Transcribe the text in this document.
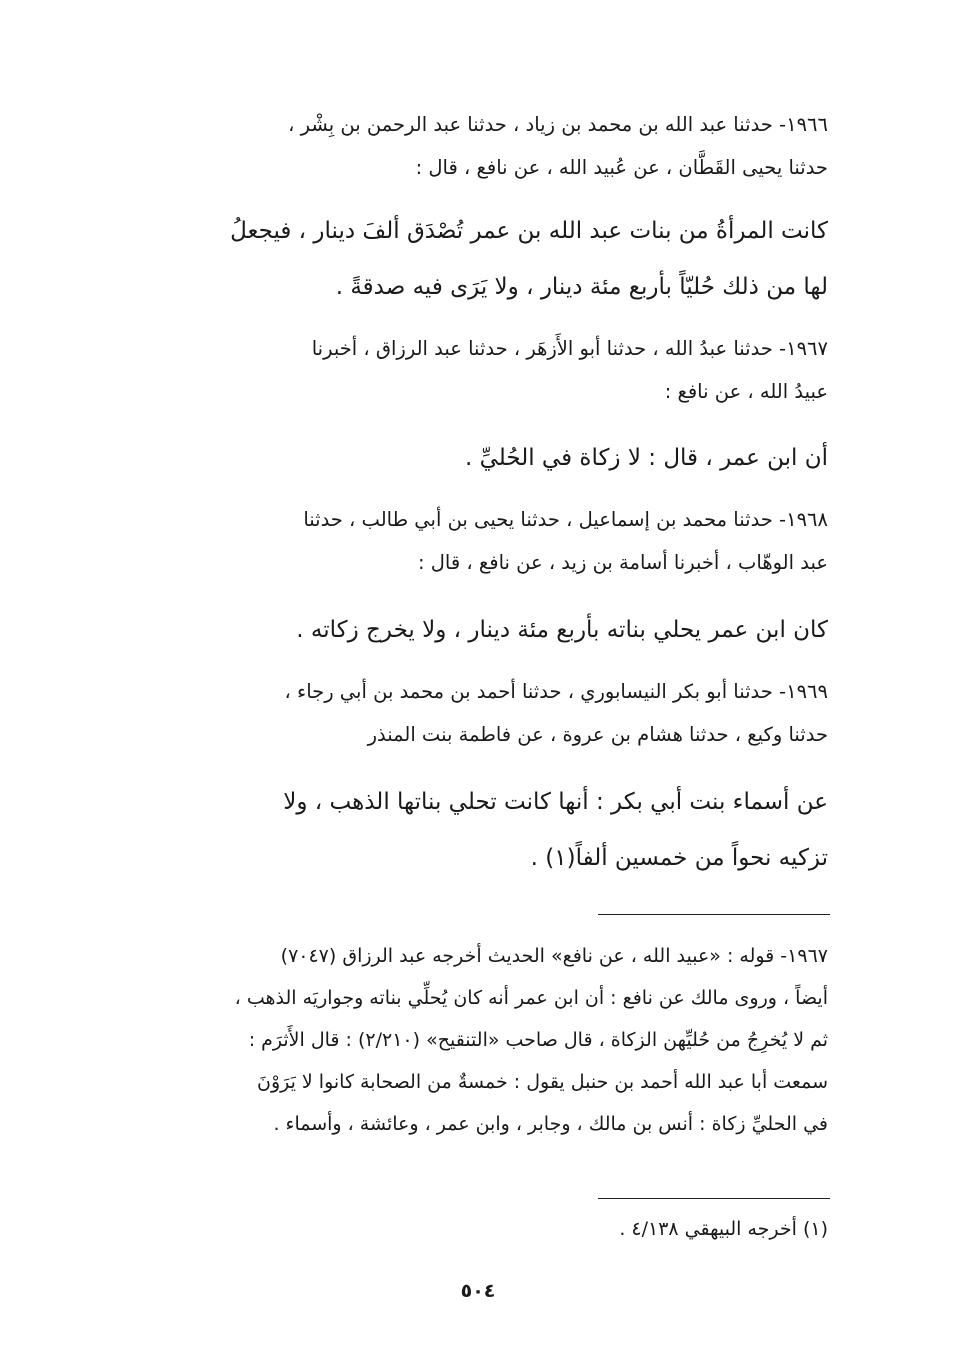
١٩٦٦- حدثنا عبد الله بن محمد بن زياد ، حدثنا عبد الرحمن بن بِشْر ،
حدثنا يحيى القَطَّان ، عن عُبيد الله ، عن نافع ، قال :
كانت المرأةُ من بنات عبد الله بن عمر تُصْدَق ألفَ دينار ، فيجعلُ
لها من ذلك حُليّاً بأربع مئة دينار ، ولا يَرَى فيه صدقةً .
١٩٦٧- حدثنا عبدُ الله ، حدثنا أبو الأَزهَر ، حدثنا عبد الرزاق ، أخبرنا
عبيدُ الله ، عن نافع :
أن ابن عمر ، قال : لا زكاة في الحُليِّ .
١٩٦٨- حدثنا محمد بن إسماعيل ، حدثنا يحيى بن أبي طالب ، حدثنا
عبد الوهّاب ، أخبرنا أسامة بن زيد ، عن نافع ، قال :
كان ابن عمر يحلي بناته بأربع مئة دينار ، ولا يخرج زكاته .
١٩٦٩- حدثنا أبو بكر النيسابوري ، حدثنا أحمد بن محمد بن أبي رجاء ،
حدثنا وكيع ، حدثنا هشام بن عروة ، عن فاطمة بنت المنذر
عن أسماء بنت أبي بكر : أنها كانت تحلي بناتها الذهب ، ولا
تزكيه نحواً من خمسين ألفاً(١) .
١٩٦٧- قوله : «عبيد الله ، عن نافع» الحديث أخرجه عبد الرزاق (٧٠٤٧)
أيضاً ، وروى مالك عن نافع : أن ابن عمر أنه كان يُحلِّي بناته وجواريَه الذهب ،
ثم لا يُخرِجُ من حُليِّهن الزكاة ، قال صاحب «التنقيح» (٢/٢١٠) : قال الأَثرَم :
سمعت أبا عبد الله أحمد بن حنبل يقول : خمسةٌ من الصحابة كانوا لا يَرَوْنَ
في الحليِّ زكاة : أنس بن مالك ، وجابر ، وابن عمر ، وعائشة ، وأسماء .
(١) أخرجه البيهقي ٤/١٣٨ .
٥٠٤
